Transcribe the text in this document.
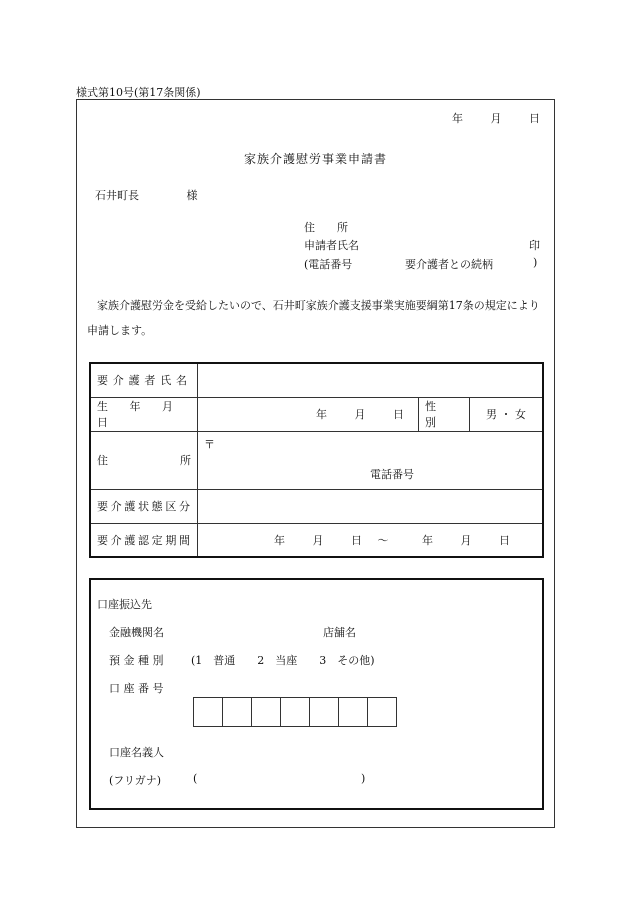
様式第10号(第17条関係)
年	月	日
家族介護慰労事業申請書
石井町長	様
住　　所
申請者氏名	印
(電話番号	要介護者との続柄	)
家族介護慰労金を受給したいので、石井町家族介護支援事業実施要綱第17条の規定により申請します。
要介護者氏名			
生年月日	年 月 日	性別	男 ・ 女
住 所	〒
電話番号		

要介護状態区分			
要介護認定期間	年 月 日 ～ 年 月 日		
口座振込先
金融機関名	店舗名
預 金 種 別	(1　普通　　2　当座　　3　その他)
口 座 番 号
口座名義人
(フリガナ)	(	)
